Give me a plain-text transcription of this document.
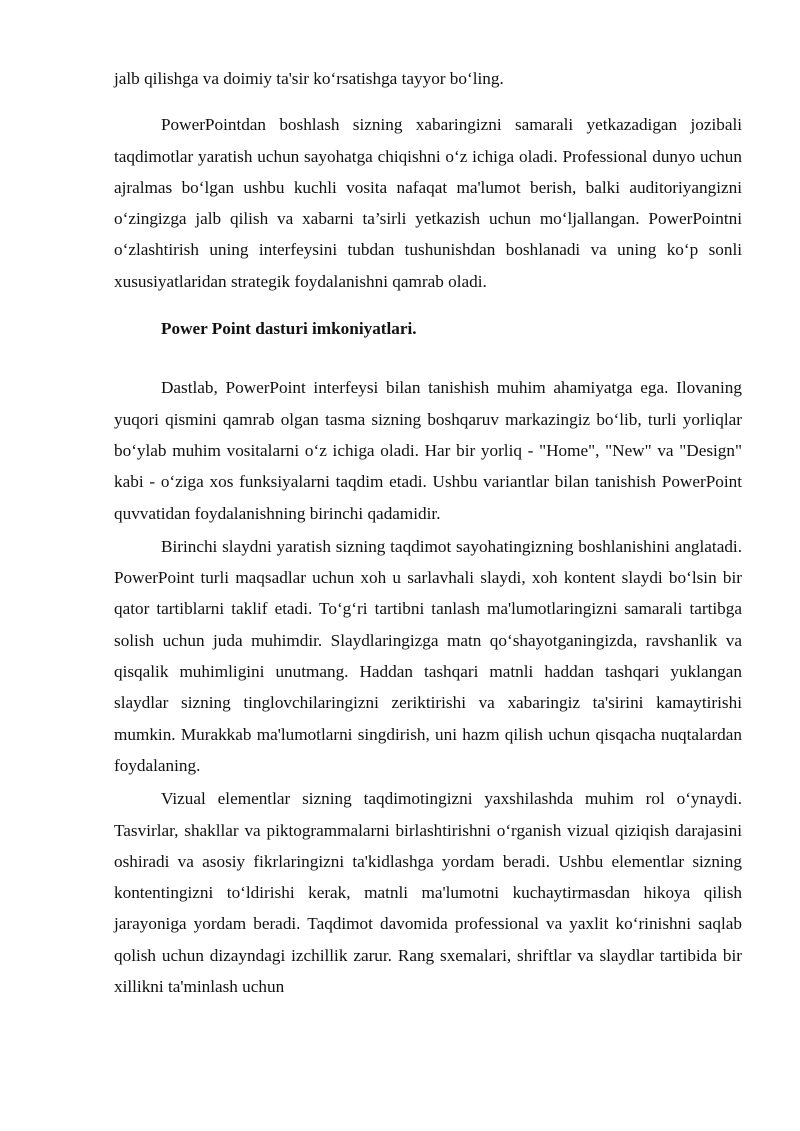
jalb qilishga va doimiy ta'sir ko‘rsatishga tayyor bo‘ling.

PowerPointdan boshlash sizning xabaringizni samarali yetkazadigan jozibali taqdimotlar yaratish uchun sayohatga chiqishni o‘z ichiga oladi. Professional dunyo uchun ajralmas bo‘lgan ushbu kuchli vosita nafaqat ma'lumot berish, balki auditoriyangizni o‘zingizga jalb qilish va xabarni ta’sirli yetkazish uchun mo‘ljallangan. PowerPointni o‘zlashtirish uning interfeysini tubdan tushunishdan boshlanadi va uning ko‘p sonli xususiyatlaridan strategik foydalanishni qamrab oladi.

Power Point dasturi imkoniyatlari.

Dastlab, PowerPoint interfeysi bilan tanishish muhim ahamiyatga ega. Ilovaning yuqori qismini qamrab olgan tasma sizning boshqaruv markazingiz bo‘lib, turli yorliqlar bo‘ylab muhim vositalarni o‘z ichiga oladi. Har bir yorliq - "Home", "New" va "Design" kabi - o‘ziga xos funksiyalarni taqdim etadi. Ushbu variantlar bilan tanishish PowerPoint quvvatidan foydalanishning birinchi qadamidir.

Birinchi slaydni yaratish sizning taqdimot sayohatingizning boshlanishini anglatadi. PowerPoint turli maqsadlar uchun xoh u sarlavhali slaydi, xoh kontent slaydi bo‘lsin bir qator tartiblarni taklif etadi. To‘g‘ri tartibni tanlash ma'lumotlaringizni samarali tartibga solish uchun juda muhimdir. Slaydlaringizga matn qo‘shayotganingizda, ravshanlik va qisqalik muhimligini unutmang. Haddan tashqari matnli haddan tashqari yuklangan slaydlar sizning tinglovchilaringizni zeriktirishi va xabaringiz ta'sirini kamaytirishi mumkin. Murakkab ma'lumotlarni singdirish, uni hazm qilish uchun qisqacha nuqtalardan foydalaning.

Vizual elementlar sizning taqdimotingizni yaxshilashda muhim rol o‘ynaydi. Tasvirlar, shakllar va piktogrammalarni birlashtirishni o‘rganish vizual qiziqish darajasini oshiradi va asosiy fikrlaringizni ta'kidlashga yordam beradi. Ushbu elementlar sizning kontentingizni to‘ldirishi kerak, matnli ma'lumotni kuchaytirmasdan hikoya qilish jarayoniga yordam beradi. Taqdimot davomida professional va yaxlit ko‘rinishni saqlab qolish uchun dizayndagi izchillik zarur. Rang sxemalari, shriftlar va slaydlar tartibida bir xillikni ta'minlash uchun
